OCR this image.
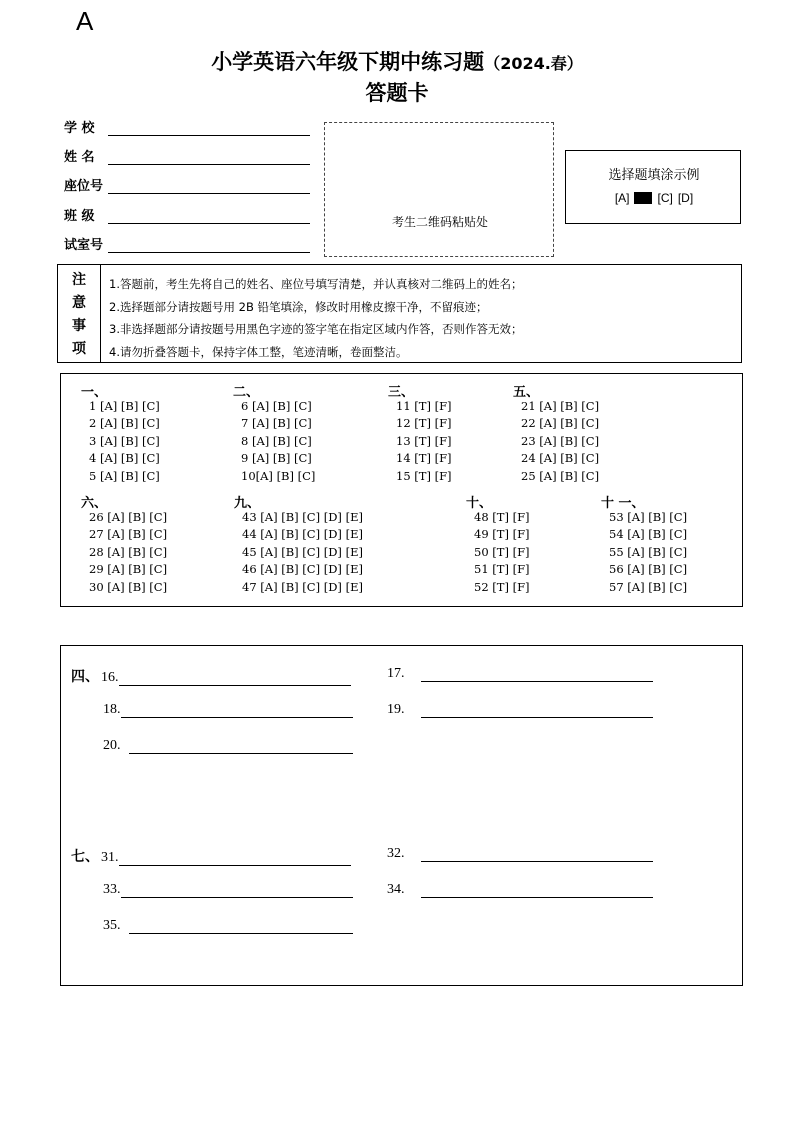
A
小学英语六年级下期中练习题（2024.春）
答题卡
学 校
姓 名
座位号
班 级
试室号
考生二维码粘贴处
选择题填涂示例
[A] [C] [D]
注
意
事
项
1.答题前，考生先将自己的姓名、座位号填写清楚，并认真核对二维码上的姓名；
2.选择题部分请按题号用 2B 铅笔填涂，修改时用橡皮擦干净，不留痕迹；
3.非选择题部分请按题号用黑色字迹的签字笔在指定区域内作答，否则作答无效；
4.请勿折叠答题卡，保持字体工整，笔迹清晰，卷面整洁。
一、
1 [A] [B] [C]
2 [A] [B] [C]
3 [A] [B] [C]
4 [A] [B] [C]
5 [A] [B] [C]
二、
6 [A] [B] [C]
7 [A] [B] [C]
8 [A] [B] [C]
9 [A] [B] [C]
10[A] [B] [C]
三、
11 [T] [F]
12 [T] [F]
13 [T] [F]
14 [T] [F]
15 [T] [F]
五、
21 [A] [B] [C]
22 [A] [B] [C]
23 [A] [B] [C]
24 [A] [B] [C]
25 [A] [B] [C]
六、
26 [A] [B] [C]
27 [A] [B] [C]
28 [A] [B] [C]
29 [A] [B] [C]
30 [A] [B] [C]
九、
43 [A] [B] [C] [D] [E]
44 [A] [B] [C] [D] [E]
45 [A] [B] [C] [D] [E]
46 [A] [B] [C] [D] [E]
47 [A] [B] [C] [D] [E]
十、
48 [T] [F]
49 [T] [F]
50 [T] [F]
51 [T] [F]
52 [T] [F]
十 一、
53 [A] [B] [C]
54 [A] [B] [C]
55 [A] [B] [C]
56 [A] [B] [C]
57 [A] [B] [C]
四、 16.	17.
18.	19.
20.
七、 31.	32.
33.	34.
35.
